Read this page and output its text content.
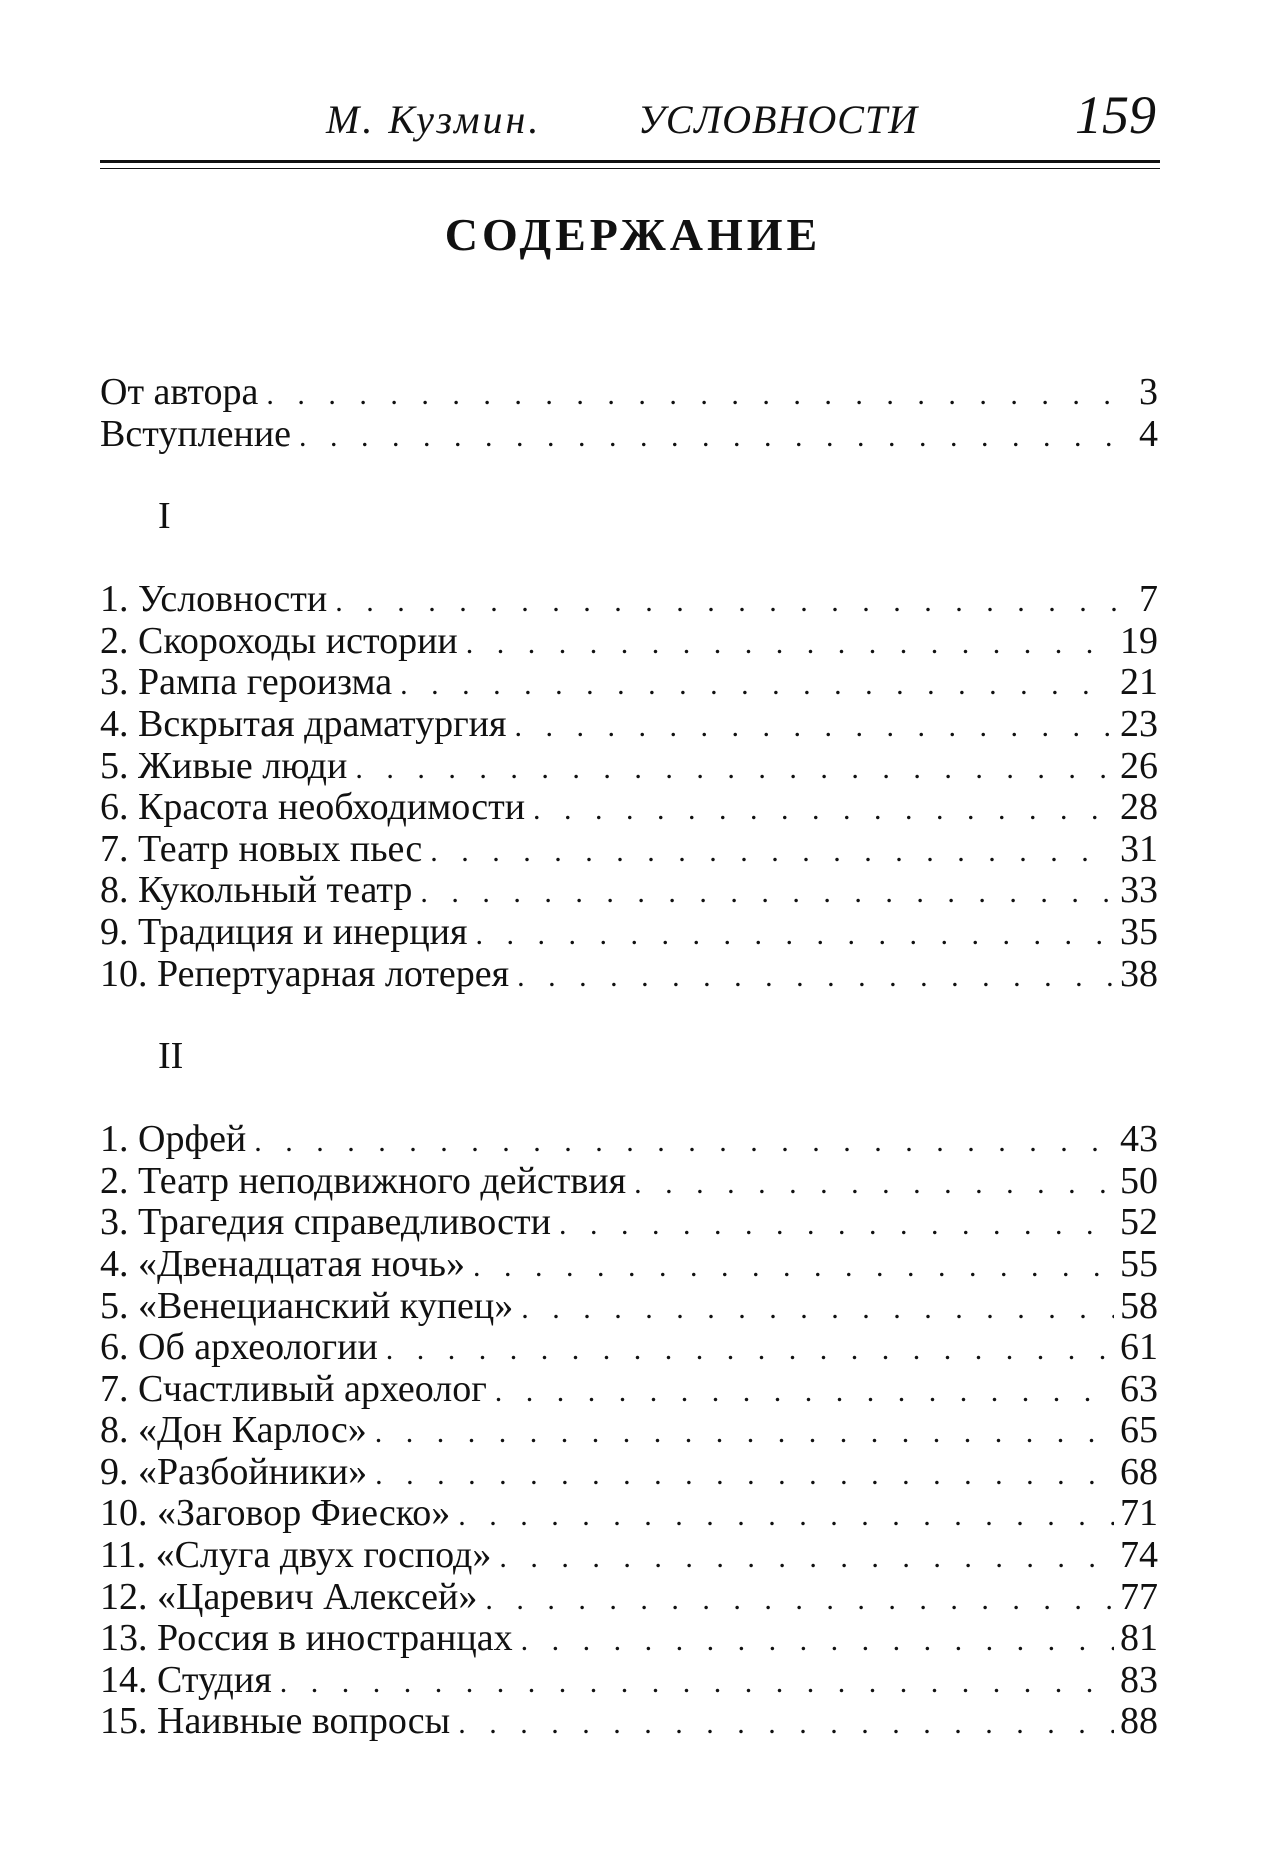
М. Кузмин. УСЛОВНОСТИ	159
СОДЕРЖАНИЕ
От автора . . .	3
Вступление . . .	4
I
1. Условности . . .	7
2. Скороходы истории . . .	19
3. Рампа героизма . . .	21
4. Вскрытая драматургия . . .	23
5. Живые люди . . .	26
6. Красота необходимости . . .	28
7. Театр новых пьес . . .	31
8. Кукольный театр . . .	33
9. Традиция и инерция . . .	35
10. Репертуарная лотерея . . .	38
II
1. Орфей . . .	43
2. Театр неподвижного действия . . .	50
3. Трагедия справедливости . . .	52
4. «Двенадцатая ночь» . . .	55
5. «Венецианский купец» . . .	58
6. Об археологии . . .	61
7. Счастливый археолог . . .	63
8. «Дон Карлос» . . .	65
9. «Разбойники» . . .	68
10. «Заговор Фиеско» . . .	71
11. «Слуга двух господ» . . .	74
12. «Царевич Алексей» . . .	77
13. Россия в иностранцах . . .	81
14. Студия . . .	83
15. Наивные вопросы . . .	88
